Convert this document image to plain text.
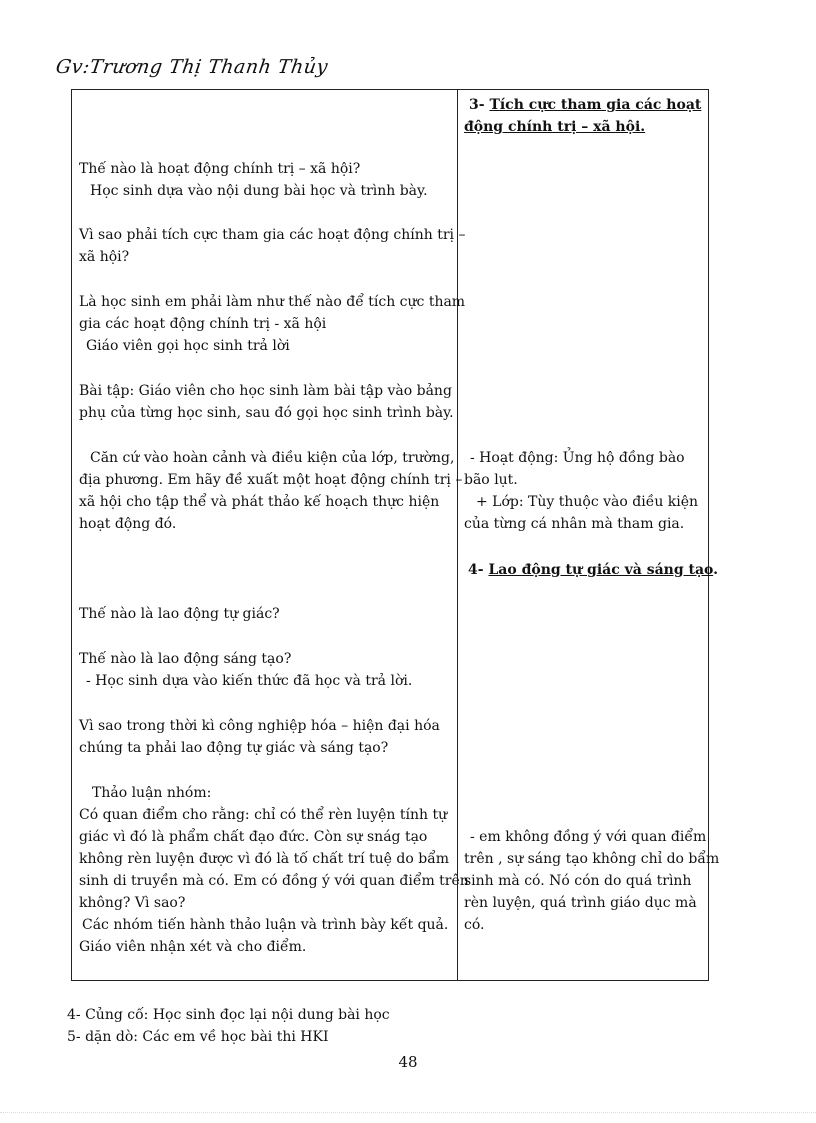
Gv:Trương Thị Thanh Thủy
Thế nào là hoạt động chính trị – xã hội?
Học sinh dựa vào nội dung bài học và trình bày.
Vì sao phải tích cực tham gia các hoạt động chính trị –
xã hội?
Là học sinh em phải làm như thế nào để tích cực tham
gia các hoạt động chính trị - xã hội
Giáo viên gọi học sinh trả lời
Bài tập: Giáo viên cho học sinh làm bài tập vào bảng
phụ của từng học sinh, sau đó gọi học sinh trình bày.
Căn cứ vào hoàn cảnh và điều kiện của lớp, trường,
địa phương. Em hãy đề xuất một hoạt động chính trị –
xã hội cho tập thể và phát thảo kế hoạch thực hiện
hoạt động đó.
Thế nào là lao động tự giác?
Thế nào là lao động sáng tạo?
- Học sinh dựa vào kiến thức đã học và trả lời.
Vì sao trong thời kì công nghiệp hóa – hiện đại hóa
chúng ta phải lao động tự giác và sáng tạo?
Thảo luận nhóm:
Có quan điểm cho rằng: chỉ có thể rèn luyện tính tự
giác vì đó là phẩm chất đạo đức. Còn sự snág tạo
không rèn luyện được vì đó là tố chất trí tuệ do bẩm
sinh di truyền mà có. Em có đồng ý với quan điểm trên
không? Vì sao?
Các nhóm tiến hành thảo luận và trình bày kết quả.
Giáo viên nhận xét và cho điểm.
3- Tích cực tham gia các hoạt
động chính trị – xã hội.
- Hoạt động: Ủng hộ đồng bào
bão lụt.
+ Lớp: Tùy thuộc vào điều kiện
của từng cá nhân mà tham gia.
4- Lao động tự giác và sáng tạo.
- em không đồng ý với quan điểm
trên , sự sáng tạo không chỉ do bẩm
sinh mà có. Nó cón do quá trình
rèn luyện, quá trình giáo dục mà
có.
4- Củng cố: Học sinh đọc lại nội dung bài học
5- dặn dò: Các em về học bài thi HKI
48
